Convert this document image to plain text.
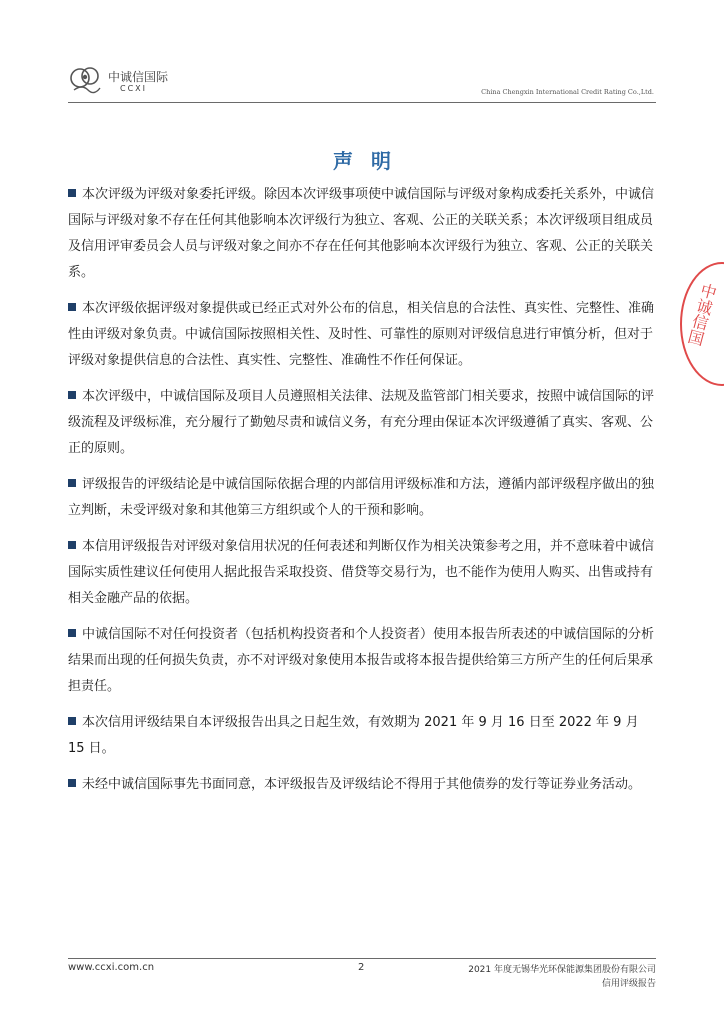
中诚信国际
CCXI	China Chengxin International Credit Rating Co.,Ltd.
声明

本次评级为评级对象委托评级。除因本次评级事项使中诚信国际与评级对象构成委托关系外，中诚信国际与评级对象不存在任何其他影响本次评级行为独立、客观、公正的关联关系；本次评级项目组成员及信用评审委员会人员与评级对象之间亦不存在任何其他影响本次评级行为独立、客观、公正的关联关系。

本次评级依据评级对象提供或已经正式对外公布的信息，相关信息的合法性、真实性、完整性、准确性由评级对象负责。中诚信国际按照相关性、及时性、可靠性的原则对评级信息进行审慎分析，但对于评级对象提供信息的合法性、真实性、完整性、准确性不作任何保证。

本次评级中，中诚信国际及项目人员遵照相关法律、法规及监管部门相关要求，按照中诚信国际的评级流程及评级标准，充分履行了勤勉尽责和诚信义务，有充分理由保证本次评级遵循了真实、客观、公正的原则。

评级报告的评级结论是中诚信国际依据合理的内部信用评级标准和方法，遵循内部评级程序做出的独立判断，未受评级对象和其他第三方组织或个人的干预和影响。

本信用评级报告对评级对象信用状况的任何表述和判断仅作为相关决策参考之用，并不意味着中诚信国际实质性建议任何使用人据此报告采取投资、借贷等交易行为，也不能作为使用人购买、出售或持有相关金融产品的依据。

中诚信国际不对任何投资者（包括机构投资者和个人投资者）使用本报告所表述的中诚信国际的分析结果而出现的任何损失负责，亦不对评级对象使用本报告或将本报告提供给第三方所产生的任何后果承担责任。

本次信用评级结果自本评级报告出具之日起生效，有效期为 2021 年 9 月 16 日至 2022 年 9 月 15 日。

未经中诚信国际事先书面同意，本评级报告及评级结论不得用于其他债券的发行等证券业务活动。

中诚信国
www.ccxi.com.cn	2	2021 年度无锡华光环保能源集团股份有限公司
信用评级报告
